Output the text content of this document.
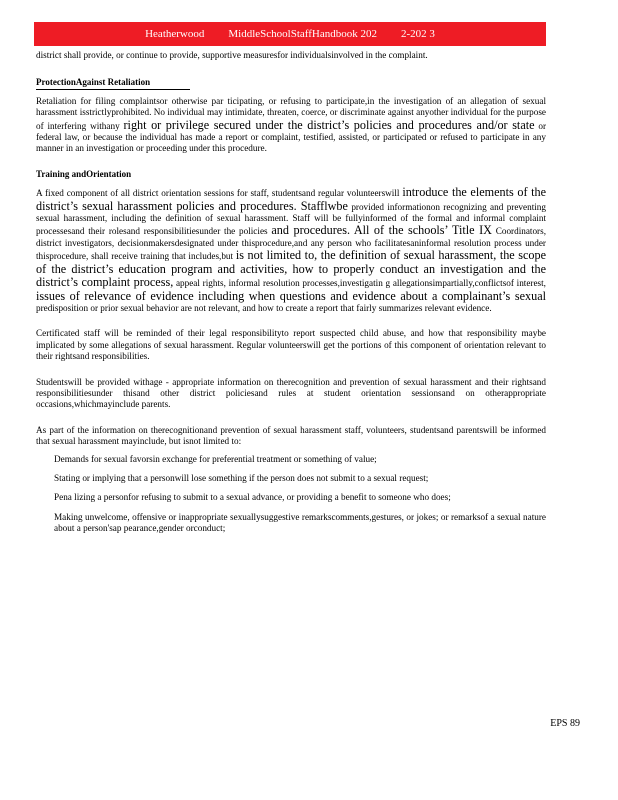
Heatherwood MiddleSchoolStaffHandbook 202 2-202 3

district shall provide, or continue to provide, supportive measuresfor individualsinvolved in the complaint.

ProtectionAgainst Retaliation

Retaliation for filing complaintsor otherwise par ticipating, or refusing to participate,in the investigation of an allegation of sexual harassment isstrictlyprohibited. No individual may intimidate, threaten, coerce, or discriminate against anyother individual for the purpose of interfering withany right or privilege secured under the district’s policies and procedures and/or state or federal law, or because the individual has made a report or complaint, testified, assisted, or participated or refused to participate in any manner in an investigation or proceeding under this procedure.

Training andOrientation

A fixed component of all district orientation sessions for staff, studentsand regular volunteerswill introduce the elements of the district’s sexual harassment policies and procedures. Stafflwbe provided informationon recognizing and preventing sexual harassment, including the definition of sexual harassment. Staff will be fullyinformed of the formal and informal complaint processesand their rolesand responsibilitiesunder the policies and procedures. All of the schools’ Title IX Coordinators, district investigators, decisionmakersdesignated under thisprocedure,and any person who facilitatesaninformal resolution process under thisprocedure, shall receive training that includes,but is not limited to, the definition of sexual harassment, the scope of the district’s education program and activities, how to properly conduct an investigation and the district’s complaint process, appeal rights, informal resolution processes,investigatin g allegationsimpartially,conflictsof interest, issues of relevance of evidence including when questions and evidence about a complainant’s sexual predisposition or prior sexual behavior are not relevant, and how to create a report that fairly summarizes relevant evidence.

Certificated staff will be reminded of their legal responsibilityto report suspected child abuse, and how that responsibility maybe implicated by some allegations of sexual harassment. Regular volunteerswill get the portions of this component of orientation relevant to their rightsand responsibilities.

Studentswill be provided withage - appropriate information on therecognition and prevention of sexual harassment and their rightsand responsibilitiesunder thisand other district policiesand rules at student orientation sessionsand on otherappropriate occasions,whichmayinclude parents.

As part of the information on therecognitionand prevention of sexual harassment staff, volunteers, studentsand parentswill be informed that sexual harassment mayinclude, but isnot limited to:

Demands for sexual favorsin exchange for preferential treatment or something of value;
Stating or implying that a personwill lose something if the person does not submit to a sexual request;
Pena lizing a personfor refusing to submit to a sexual advance, or providing a benefit to someone who does;
Making unwelcome, offensive or inappropriate sexuallysuggestive remarkscomments,gestures, or jokes; or remarksof a sexual nature about a person'sap pearance,gender orconduct;
EPS 89
